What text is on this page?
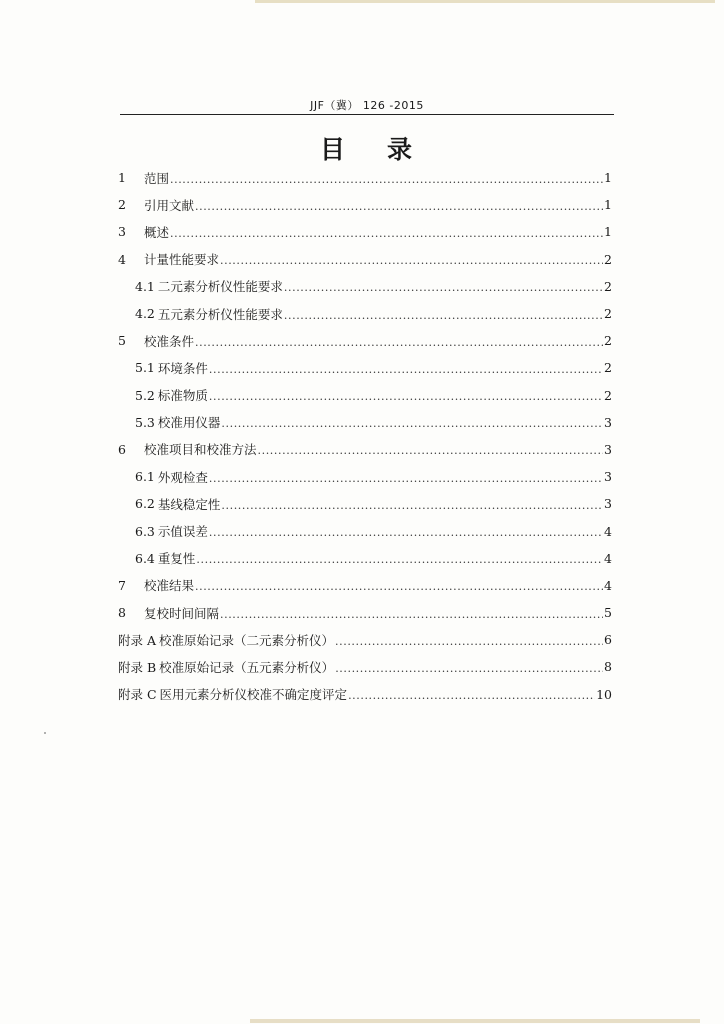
JJF（冀） 126 -2015
目 录
1	范围 .....	1
2	引用文献 .....	1
3	概述 .....	1
4	计量性能要求 .....	2
4.1 二元素分析仪性能要求 .....	2
4.2 五元素分析仪性能要求 .....	2
5	校准条件 .....	2
5.1 环境条件 .....	2
5.2 标准物质 .....	2
5.3 校准用仪器 .....	3
6	校准项目和校准方法 .....	3
6.1 外观检查 .....	3
6.2 基线稳定性 .....	3
6.3 示值误差 .....	4
6.4 重复性 .....	4
7	校准结果 .....	4
8	复校时间间隔 .....	5
附录 A 校准原始记录（二元素分析仪） .....	6
附录 B 校准原始记录（五元素分析仪） .....	8
附录 C 医用元素分析仪校准不确定度评定 .....	10
